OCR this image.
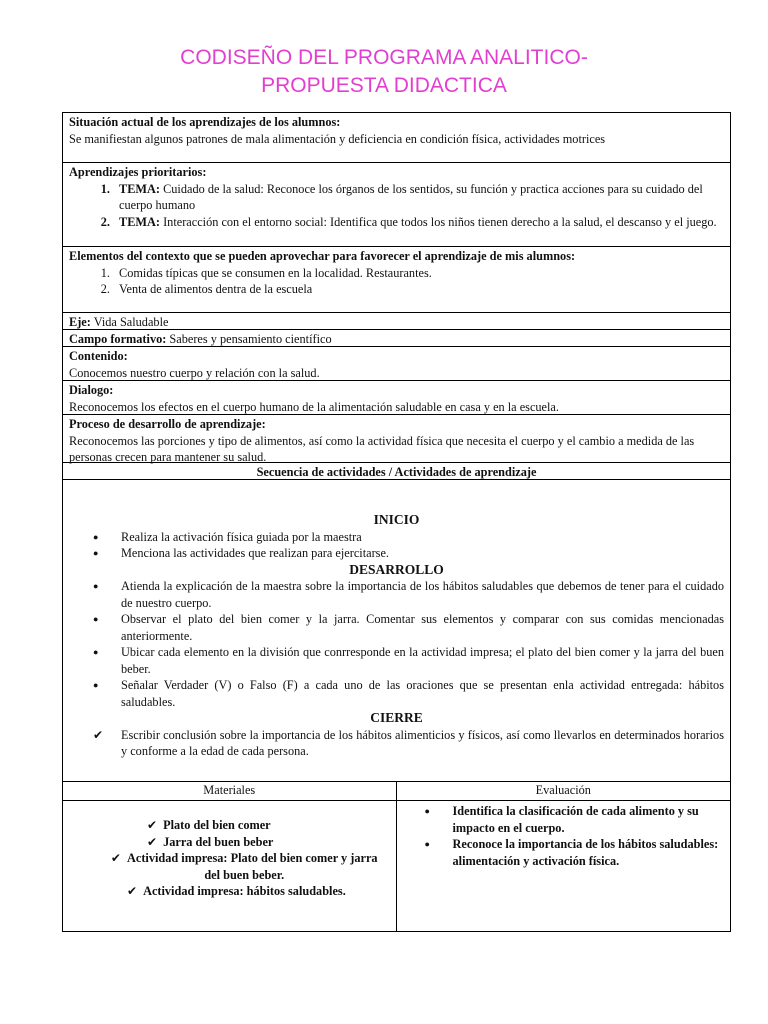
CODISEÑO DEL PROGRAMA ANALITICO-
PROPUESTA DIDACTICA
Situación actual de los aprendizajes de los alumnos:
Se manifiestan algunos patrones de mala alimentación y deficiencia en condición física, actividades motrices
Aprendizajes prioritarios:
1. TEMA: Cuidado de la salud: Reconoce los órganos de los sentidos, su función y practica acciones para su cuidado del cuerpo humano
2. TEMA: Interacción con el entorno social: Identifica que todos los niños tienen derecho a la salud, el descanso y el juego.
Elementos del contexto que se pueden aprovechar para favorecer el aprendizaje de mis alumnos:
1. Comidas típicas que se consumen en la localidad. Restaurantes.
2. Venta de alimentos dentra de la escuela
Eje: Vida Saludable
Campo formativo: Saberes y pensamiento científico
Contenido:
Conocemos nuestro cuerpo y relación con la salud.
Dialogo:
Reconocemos los efectos en el cuerpo humano de la alimentación saludable en casa y en la escuela.
Proceso de desarrollo de aprendizaje:
Reconocemos las porciones y tipo de alimentos, así como la actividad física que necesita el cuerpo y el cambio a medida de las personas crecen para mantener su salud.
Secuencia de actividades / Actividades de aprendizaje
INICIO
● Realiza la activación física guiada por la maestra
● Menciona las actividades que realizan para ejercitarse.
DESARROLLO
● Atienda la explicación de la maestra sobre la importancia de los hábitos saludables que debemos de tener para el cuidado de nuestro cuerpo.
● Observar el plato del bien comer y la jarra. Comentar sus elementos y comparar con sus comidas mencionadas anteriormente.
● Ubicar cada elemento en la división que conrresponde en la actividad impresa; el plato del bien comer y la jarra del buen beber.
● Señalar Verdader (V) o Falso (F) a cada uno de las oraciones que se presentan enla actividad entregada: hábitos saludables.
CIERRE
✔ Escribir conclusión sobre la importancia de los hábitos alimenticios y físicos, así como llevarlos en determinados horarios y conforme a la edad de cada persona.
Materiales	Evaluación
✔ Plato del bien comer
✔ Jarra del buen beber
✔ Actividad impresa: Plato del bien comer y jarra del buen beber.
✔ Actividad impresa: hábitos saludables.
● Identifica la clasificación de cada alimento y su impacto en el cuerpo.
● Reconoce la importancia de los hábitos saludables: alimentación y activación física.
